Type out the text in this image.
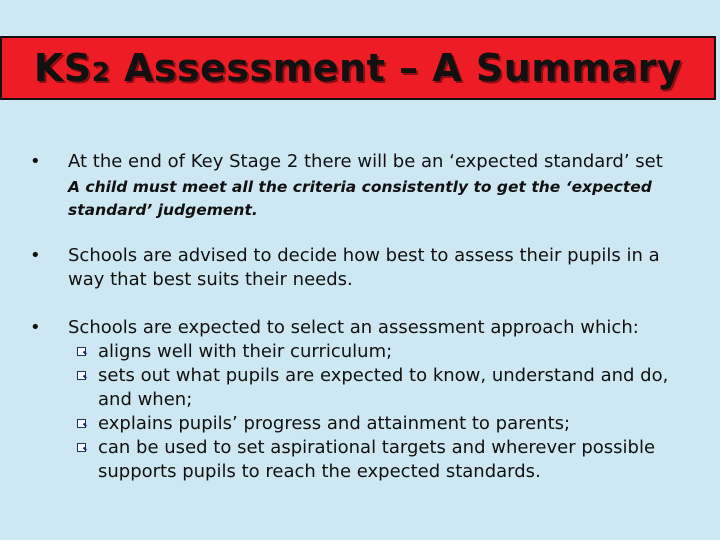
KS2 Assessment – A Summary
•	At the end of Key Stage 2 there will be an ‘expected standard’ set
A child must meet all the criteria consistently to get the ‘expected standard’ judgement.
•	Schools are advised to decide how best to assess their pupils in a way that best suits their needs.
•	Schools are expected to select an assessment approach which:
aligns well with their curriculum;
sets out what pupils are expected to know, understand and do, and when;
explains pupils’ progress and attainment to parents;
can be used to set aspirational targets and wherever possible supports pupils to reach the expected standards.
